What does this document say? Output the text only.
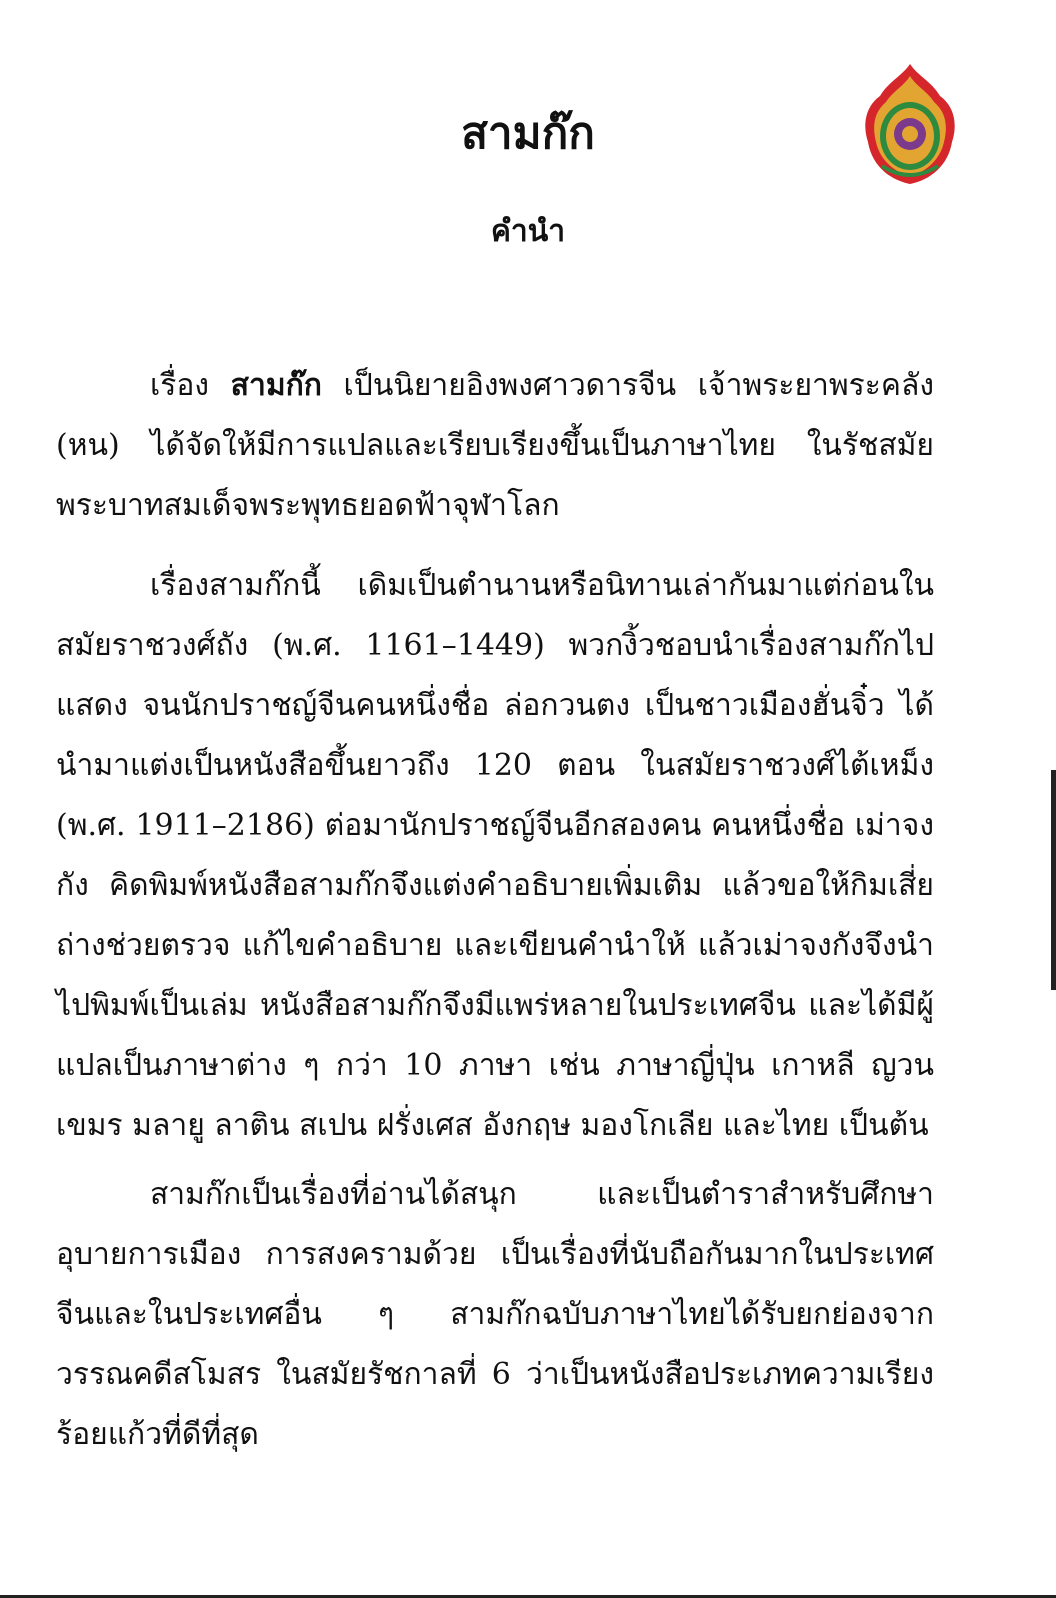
สามก๊ก
คำนำ

เรื่อง สามก๊ก เป็นนิยายอิงพงศาวดารจีน เจ้าพระยาพระคลัง (หน) ได้จัดให้มีการแปลและเรียบเรียงขึ้นเป็นภาษาไทย ในรัชสมัยพระบาทสมเด็จพระพุทธยอดฟ้าจุฬาโลก

เรื่องสามก๊กนี้ เดิมเป็นตำนานหรือนิทานเล่ากันมาแต่ก่อนในสมัยราชวงศ์ถัง (พ.ศ. 1161–1449) พวกงิ้วชอบนำเรื่องสามก๊กไปแสดง จนนักปราชญ์จีนคนหนึ่งชื่อ ล่อกวนตง เป็นชาวเมืองฮั่นจิ๋ว ได้นำมาแต่งเป็นหนังสือขึ้นยาวถึง 120 ตอน ในสมัยราชวงศ์ไต้เหม็ง (พ.ศ. 1911–2186) ต่อมานักปราชญ์จีนอีกสองคน คนหนึ่งชื่อ เม่าจงกัง คิดพิมพ์หนังสือสามก๊กจึงแต่งคำอธิบายเพิ่มเติม แล้วขอให้กิมเสี่ยถ่างช่วยตรวจ แก้ไขคำอธิบาย และเขียนคำนำให้ แล้วเม่าจงกังจึงนำไปพิมพ์เป็นเล่ม หนังสือสามก๊กจึงมีแพร่หลายในประเทศจีน และได้มีผู้แปลเป็นภาษาต่าง ๆ กว่า 10 ภาษา เช่น ภาษาญี่ปุ่น เกาหลี ญวน เขมร มลายู ลาติน สเปน ฝรั่งเศส อังกฤษ มองโกเลีย และไทย เป็นต้น

สามก๊กเป็นเรื่องที่อ่านได้สนุก และเป็นตำราสำหรับศึกษาอุบายการเมือง การสงครามด้วย เป็นเรื่องที่นับถือกันมากในประเทศจีนและในประเทศอื่น ๆ สามก๊กฉบับภาษาไทยได้รับยกย่องจากวรรณคดีสโมสร ในสมัยรัชกาลที่ 6 ว่าเป็นหนังสือประเภทความเรียงร้อยแก้วที่ดีที่สุด
